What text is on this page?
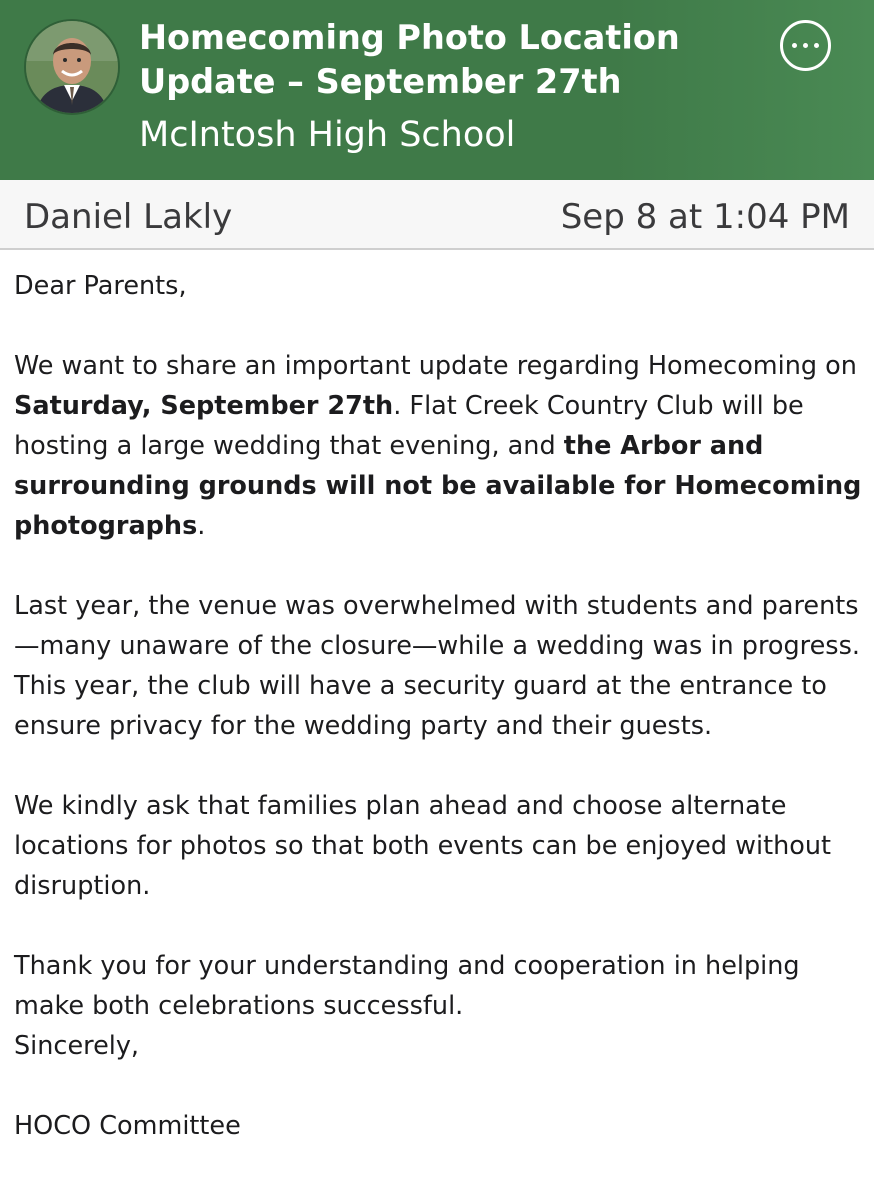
Homecoming Photo Location
Update – September 27th
McIntosh High School
Daniel Lakly	Sep 8 at 1:04 PM

Dear Parents,

We want to share an important update regarding Homecoming on Saturday, September 27th. Flat Creek Country Club will be hosting a large wedding that evening, and the Arbor and surrounding grounds will not be available for Homecoming photographs.

Last year, the venue was overwhelmed with students and parents—many unaware of the closure—while a wedding was in progress. This year, the club will have a security guard at the entrance to ensure privacy for the wedding party and their guests.

We kindly ask that families plan ahead and choose alternate locations for photos so that both events can be enjoyed without disruption.

Thank you for your understanding and cooperation in helping make both celebrations successful.

Sincerely,

HOCO Committee
